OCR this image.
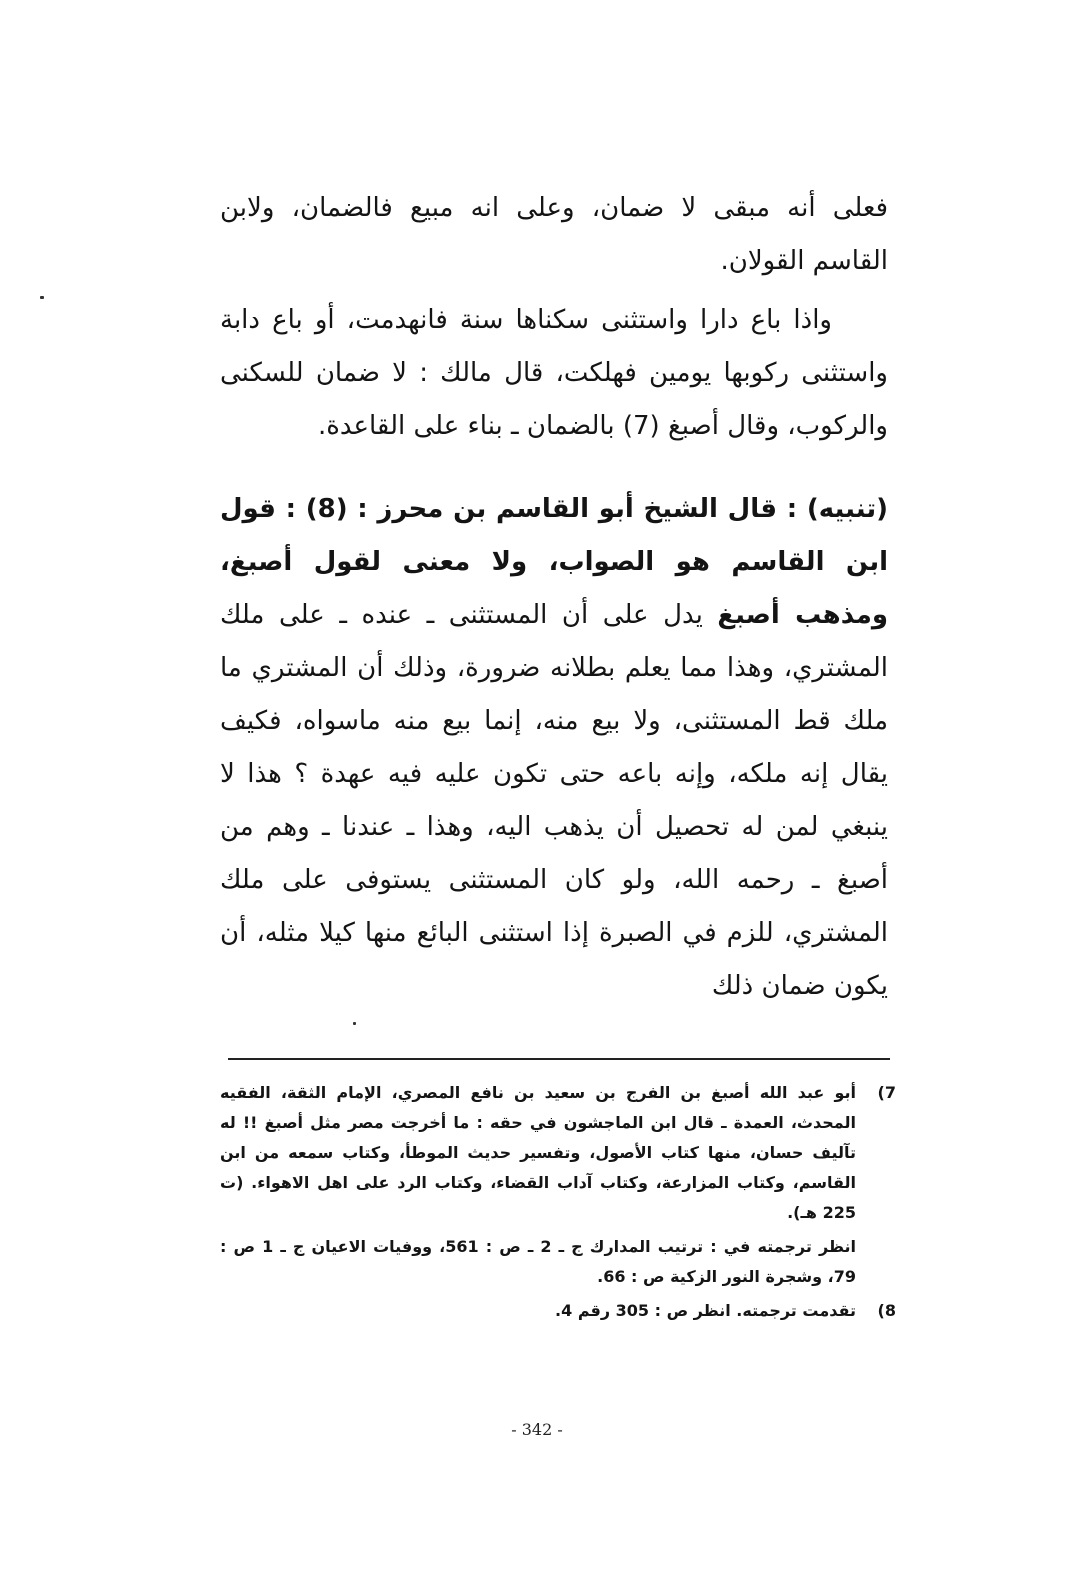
فعلى أنه مبقى لا ضمان، وعلى انه مبيع فالضمان، ولابن القاسم القولان.

واذا باع دارا واستثنى سكناها سنة فانهدمت، أو باع دابة واستثنى ركوبها يومين فهلكت، قال مالك : لا ضمان للسكنى والركوب، وقال أصبغ (7) بالضمان ـ بناء على القاعدة.

(تنبيه) : قال الشيخ أبو القاسم بن محرز : (8) : قول ابن القاسم هو الصواب، ولا معنى لقول أصبغ، ومذهب أصبغ يدل على أن المستثنى ـ عنده ـ على ملك المشتري، وهذا مما يعلم بطلانه ضرورة، وذلك أن المشتري ما ملك قط المستثنى، ولا بيع منه، إنما بيع منه ماسواه، فكيف يقال إنه ملكه، وإنه باعه حتى تكون عليه فيه عهدة ؟ هذا لا ينبغي لمن له تحصيل أن يذهب اليه، وهذا ـ عندنا ـ وهم من أصبغ ـ رحمه الله، ولو كان المستثنى يستوفى على ملك المشتري، للزم في الصبرة إذا استثنى البائع منها كيلا مثله، أن يكون ضمان ذلك

7)

أبو عبد الله أصبغ بن الفرج بن سعيد بن نافع المصري، الإمام الثقة، الفقيه المحدث، العمدة ـ قال ابن الماجشون في حقه : ما أخرجت مصر مثل أصبغ !! له تآليف حسان، منها كتاب الأصول، وتفسير حديث الموطأ، وكتاب سمعه من ابن القاسم، وكتاب المزارعة، وكتاب آداب القضاء، وكتاب الرد على اهل الاهواء. (ت 225 هـ).

انظر ترجمته في : ترتيب المدارك ج ـ 2 ـ ص : 561، ووفيات الاعيان ج ـ 1 ص : 79، وشجرة النور الزكية ص : 66.

8)

تقدمت ترجمته. انظر ص : 305 رقم 4.

- 342 -
